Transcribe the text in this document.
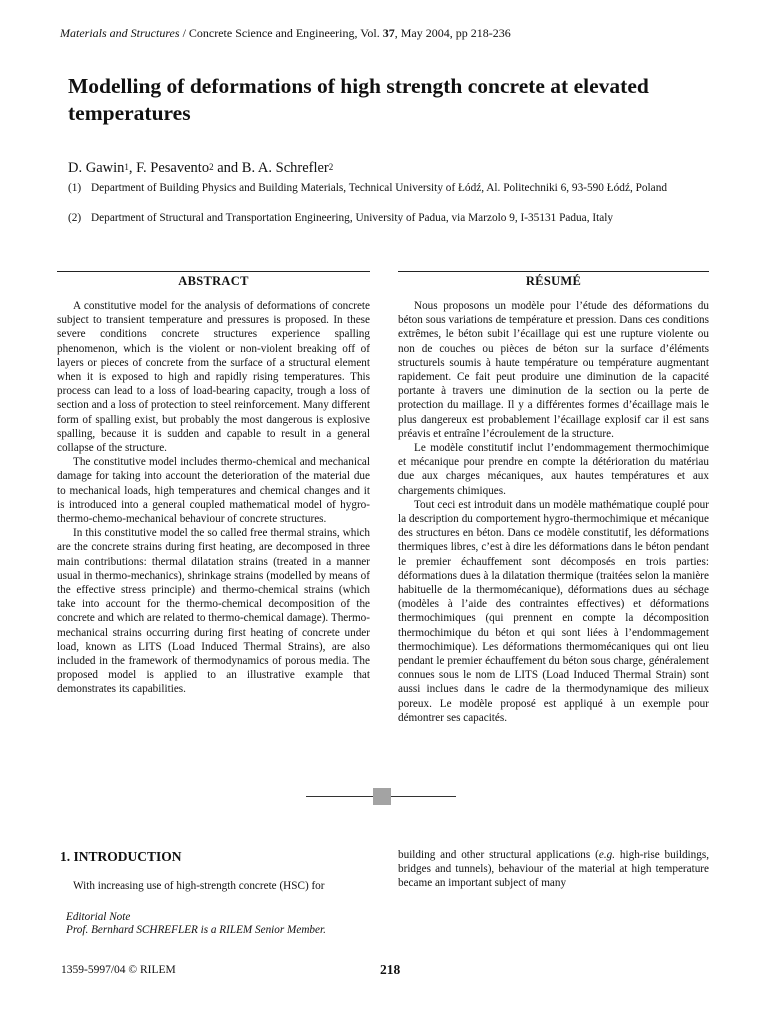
Materials and Structures / Concrete Science and Engineering, Vol. 37, May 2004, pp 218-236
Modelling of deformations of high strength concrete at elevated temperatures
D. Gawin$^1$, F. Pesavento$^2$ and B. A. Schrefler$^2$
(1) Department of Building Physics and Building Materials, Technical University of Łódź, Al. Politechniki 6, 93-590 Łódź, Poland
(2) Department of Structural and Transportation Engineering, University of Padua, via Marzolo 9, I-35131 Padua, Italy
ABSTRACT

A constitutive model for the analysis of deformations of concrete subject to transient temperature and pressures is proposed. In these severe conditions concrete structures experience spalling phenomenon, which is the violent or non-violent breaking off of layers or pieces of concrete from the surface of a structural element when it is exposed to high and rapidly rising temperatures. This process can lead to a loss of load-bearing capacity, trough a loss of section and a loss of protection to steel reinforcement. Many different form of spalling exist, but probably the most dangerous is explosive spalling, because it is sudden and capable to result in a general collapse of the structure.

The constitutive model includes thermo-chemical and mechanical damage for taking into account the deterioration of the material due to mechanical loads, high temperatures and chemical changes and it is introduced into a general coupled mathematical model of hygro-thermo-chemo-mechanical behaviour of concrete structures.

In this constitutive model the so called free thermal strains, which are the concrete strains during first heating, are decomposed in three main contributions: thermal dilatation strains (treated in a manner usual in thermo-mechanics), shrinkage strains (modelled by means of the effective stress principle) and thermo-chemical strains (which take into account for the thermo-chemical decomposition of the concrete and which are related to thermo-chemical damage). Thermo-mechanical strains occurring during first heating of concrete under load, known as LITS (Load Induced Thermal Strains), are also included in the framework of thermodynamics of porous media. The proposed model is applied to an illustrative example that demonstrates its capabilities.

RÉSUMÉ

Nous proposons un modèle pour l’étude des déformations du béton sous variations de température et pression. Dans ces conditions extrêmes, le béton subit l’écaillage qui est une rupture violente ou non de couches ou pièces de béton sur la surface d’éléments structurels soumis à haute température ou température augmentant rapidement. Ce fait peut produire une diminution de la capacité portante à travers une diminution de la section ou la perte de protection du maillage. Il y a différentes formes d’écaillage mais le plus dangereux est probablement l’écaillage explosif car il est sans préavis et entraîne l’écroulement de la structure.

Le modèle constitutif inclut l’endommagement thermochimique et mécanique pour prendre en compte la détérioration du matériau due aux charges mécaniques, aux hautes températures et aux chargements chimiques.

Tout ceci est introduit dans un modèle mathématique couplé pour la description du comportement hygro-thermochimique et mécanique des structures en béton. Dans ce modèle constitutif, les déformations thermiques libres, c’est à dire les déformations dans le béton pendant le premier échauffement sont décomposés en trois parties: déformations dues à la dilatation thermique (traitées selon la manière habituelle de la thermomécanique), déformations dues au séchage (modèles à l’aide des contraintes effectives) et déformations thermochimiques (qui prennent en compte la décomposition thermochimique du béton et qui sont liées à l’endommagement thermochimique). Les déformations thermomécaniques qui ont lieu pendant le premier échauffement du béton sous charge, généralement connues sous le nom de LITS (Load Induced Thermal Strain) sont aussi inclues dans le cadre de la thermodynamique des milieux poreux. Le modèle proposé est appliqué à un exemple pour démontrer ses capacités.

1. INTRODUCTION

With increasing use of high-strength concrete (HSC) for

building and other structural applications (e.g. high-rise buildings, bridges and tunnels), behaviour of the material at high temperature became an important subject of many

Editorial Note
Prof. Bernhard SCHREFLER is a RILEM Senior Member.
1359-5997/04 © RILEM	218
